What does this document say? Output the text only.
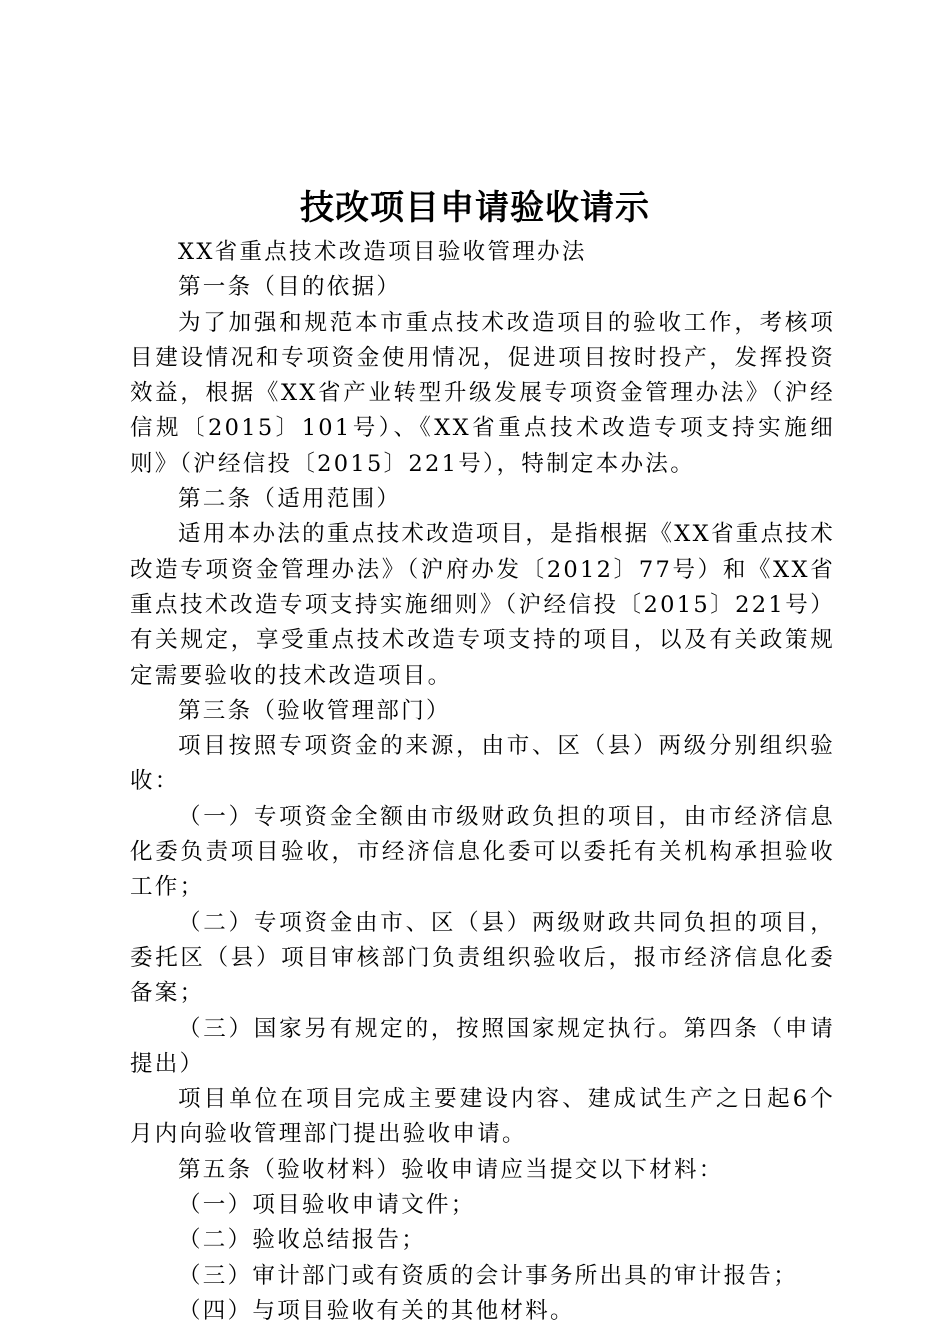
技改项目申请验收请示

XX省重点技术改造项目验收管理办法

第一条（目的依据）

为了加强和规范本市重点技术改造项目的验收工作，考核项目建设情况和专项资金使用情况，促进项目按时投产，发挥投资效益，根据《XX省产业转型升级发展专项资金管理办法》（沪经信规〔2015〕101号）、《XX省重点技术改造专项支持实施细则》（沪经信投〔2015〕221号），特制定本办法。

第二条（适用范围）

适用本办法的重点技术改造项目，是指根据《XX省重点技术改造专项资金管理办法》（沪府办发〔2012〕77号）和《XX省重点技术改造专项支持实施细则》（沪经信投〔2015〕221号）有关规定，享受重点技术改造专项支持的项目，以及有关政策规定需要验收的技术改造项目。

第三条（验收管理部门）

项目按照专项资金的来源，由市、区（县）两级分别组织验收：

（一）专项资金全额由市级财政负担的项目，由市经济信息化委负责项目验收，市经济信息化委可以委托有关机构承担验收工作；

（二）专项资金由市、区（县）两级财政共同负担的项目，委托区（县）项目审核部门负责组织验收后，报市经济信息化委备案；

（三）国家另有规定的，按照国家规定执行。第四条（申请提出）

项目单位在项目完成主要建设内容、建成试生产之日起6个月内向验收管理部门提出验收申请。

第五条（验收材料）验收申请应当提交以下材料：

（一）项目验收申请文件；

（二）验收总结报告；

（三）审计部门或有资质的会计事务所出具的审计报告；

（四）与项目验收有关的其他材料。
